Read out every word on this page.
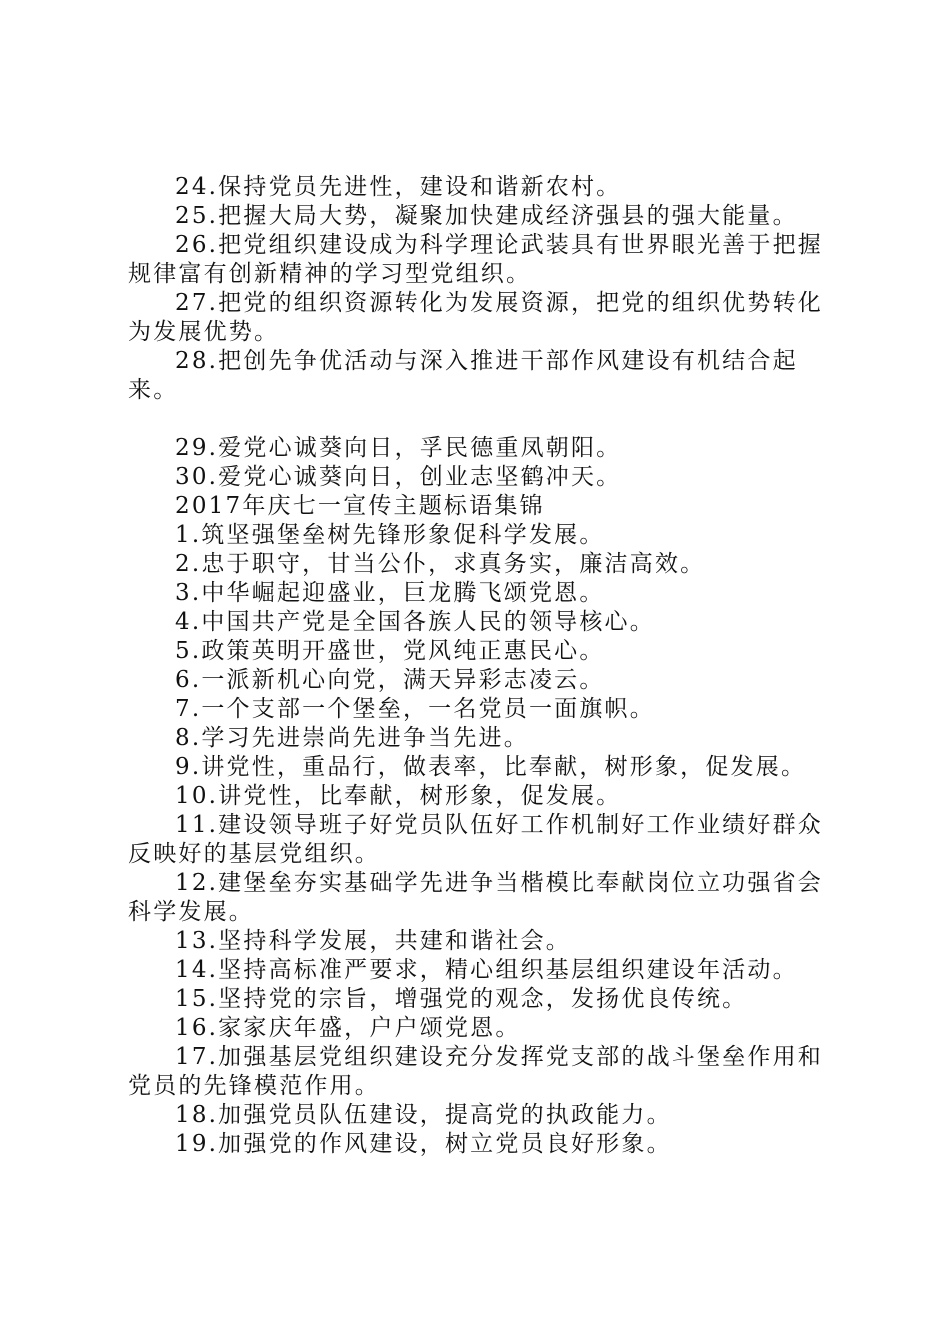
24.保持党员先进性，建设和谐新农村。

25.把握大局大势，凝聚加快建成经济强县的强大能量。

26.把党组织建设成为科学理论武装具有世界眼光善于把握规律富有创新精神的学习型党组织。

27.把党的组织资源转化为发展资源，把党的组织优势转化为发展优势。

28.把创先争优活动与深入推进干部作风建设有机结合起来。

29.爱党心诚葵向日，孚民德重凤朝阳。

30.爱党心诚葵向日，创业志坚鹤冲天。

2017年庆七一宣传主题标语集锦

1.筑坚强堡垒树先锋形象促科学发展。

2.忠于职守，甘当公仆，求真务实，廉洁高效。

3.中华崛起迎盛业，巨龙腾飞颂党恩。

4.中国共产党是全国各族人民的领导核心。

5.政策英明开盛世，党风纯正惠民心。

6.一派新机心向党，满天异彩志凌云。

7.一个支部一个堡垒，一名党员一面旗帜。

8.学习先进崇尚先进争当先进。

9.讲党性，重品行，做表率，比奉献，树形象，促发展。

10.讲党性，比奉献，树形象，促发展。

11.建设领导班子好党员队伍好工作机制好工作业绩好群众反映好的基层党组织。

12.建堡垒夯实基础学先进争当楷模比奉献岗位立功强省会科学发展。

13.坚持科学发展，共建和谐社会。

14.坚持高标准严要求，精心组织基层组织建设年活动。

15.坚持党的宗旨，增强党的观念，发扬优良传统。

16.家家庆年盛，户户颂党恩。

17.加强基层党组织建设充分发挥党支部的战斗堡垒作用和党员的先锋模范作用。

18.加强党员队伍建设，提高党的执政能力。

19.加强党的作风建设，树立党员良好形象。
